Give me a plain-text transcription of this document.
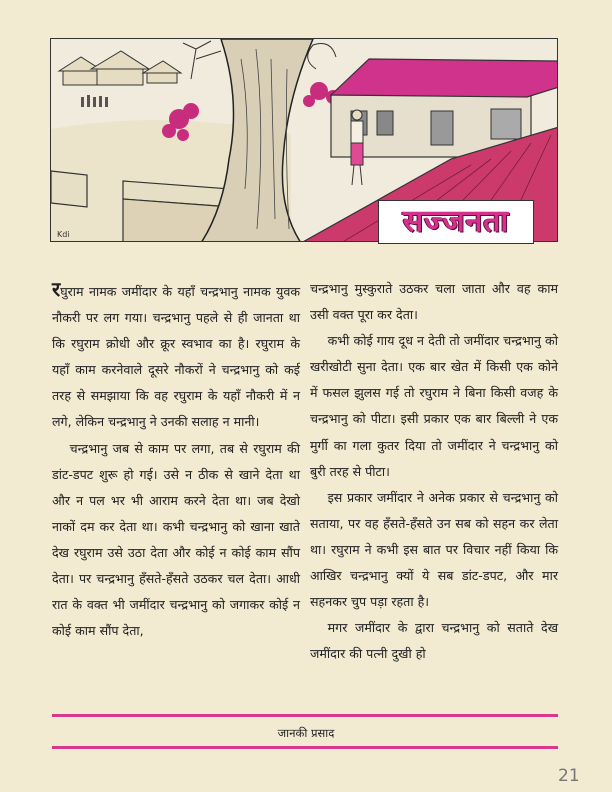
Kdi	सज्जनता

रघुराम नामक जमींदार के यहाँ चन्द्रभानु नामक युवक नौकरी पर लग गया। चन्द्रभानु पहले से ही जानता था कि रघुराम क्रोधी और क्रूर स्वभाव का है। रघुराम के यहाँ काम करनेवाले दूसरे नौकरों ने चन्द्रभानु को कई तरह से समझाया कि वह रघुराम के यहाँ नौकरी में न लगे, लेकिन चन्द्रभानु ने उनकी सलाह न मानी।

चन्द्रभानु जब से काम पर लगा, तब से रघुराम की डांट-डपट शुरू हो गई। उसे न ठीक से खाने देता था और न पल भर भी आराम करने देता था। जब देखो नाकों दम कर देता था। कभी चन्द्रभानु को खाना खाते देख रघुराम उसे उठा देता और कोई न कोई काम सौंप देता। पर चन्द्रभानु हँसते-हँसते उठकर चल देता। आधी रात के वक्त भी जमींदार चन्द्रभानु को जगाकर कोई न कोई काम सौंप देता,

चन्द्रभानु मुस्कुराते उठकर चला जाता और वह काम उसी वक्त पूरा कर देता।

कभी कोई गाय दूध न देती तो जमींदार चन्द्रभानु को खरीखोटी सुना देता। एक बार खेत में किसी एक कोने में फसल झुलस गई तो रघुराम ने बिना किसी वजह के चन्द्रभानु को पीटा। इसी प्रकार एक बार बिल्ली ने एक मुर्गी का गला कुतर दिया तो जमींदार ने चन्द्रभानु को बुरी तरह से पीटा।

इस प्रकार जमींदार ने अनेक प्रकार से चन्द्रभानु को सताया, पर वह हँसते-हँसते उन सब को सहन कर लेता था। रघुराम ने कभी इस बात पर विचार नहीं किया कि आखिर चन्द्रभानु क्यों ये सब डांट-डपट, और मार सहनकर चुप पड़ा रहता है।

मगर जमींदार के द्वारा चन्द्रभानु को सताते देख जमींदार की पत्नी दुखी हो

जानकी प्रसाद
21
